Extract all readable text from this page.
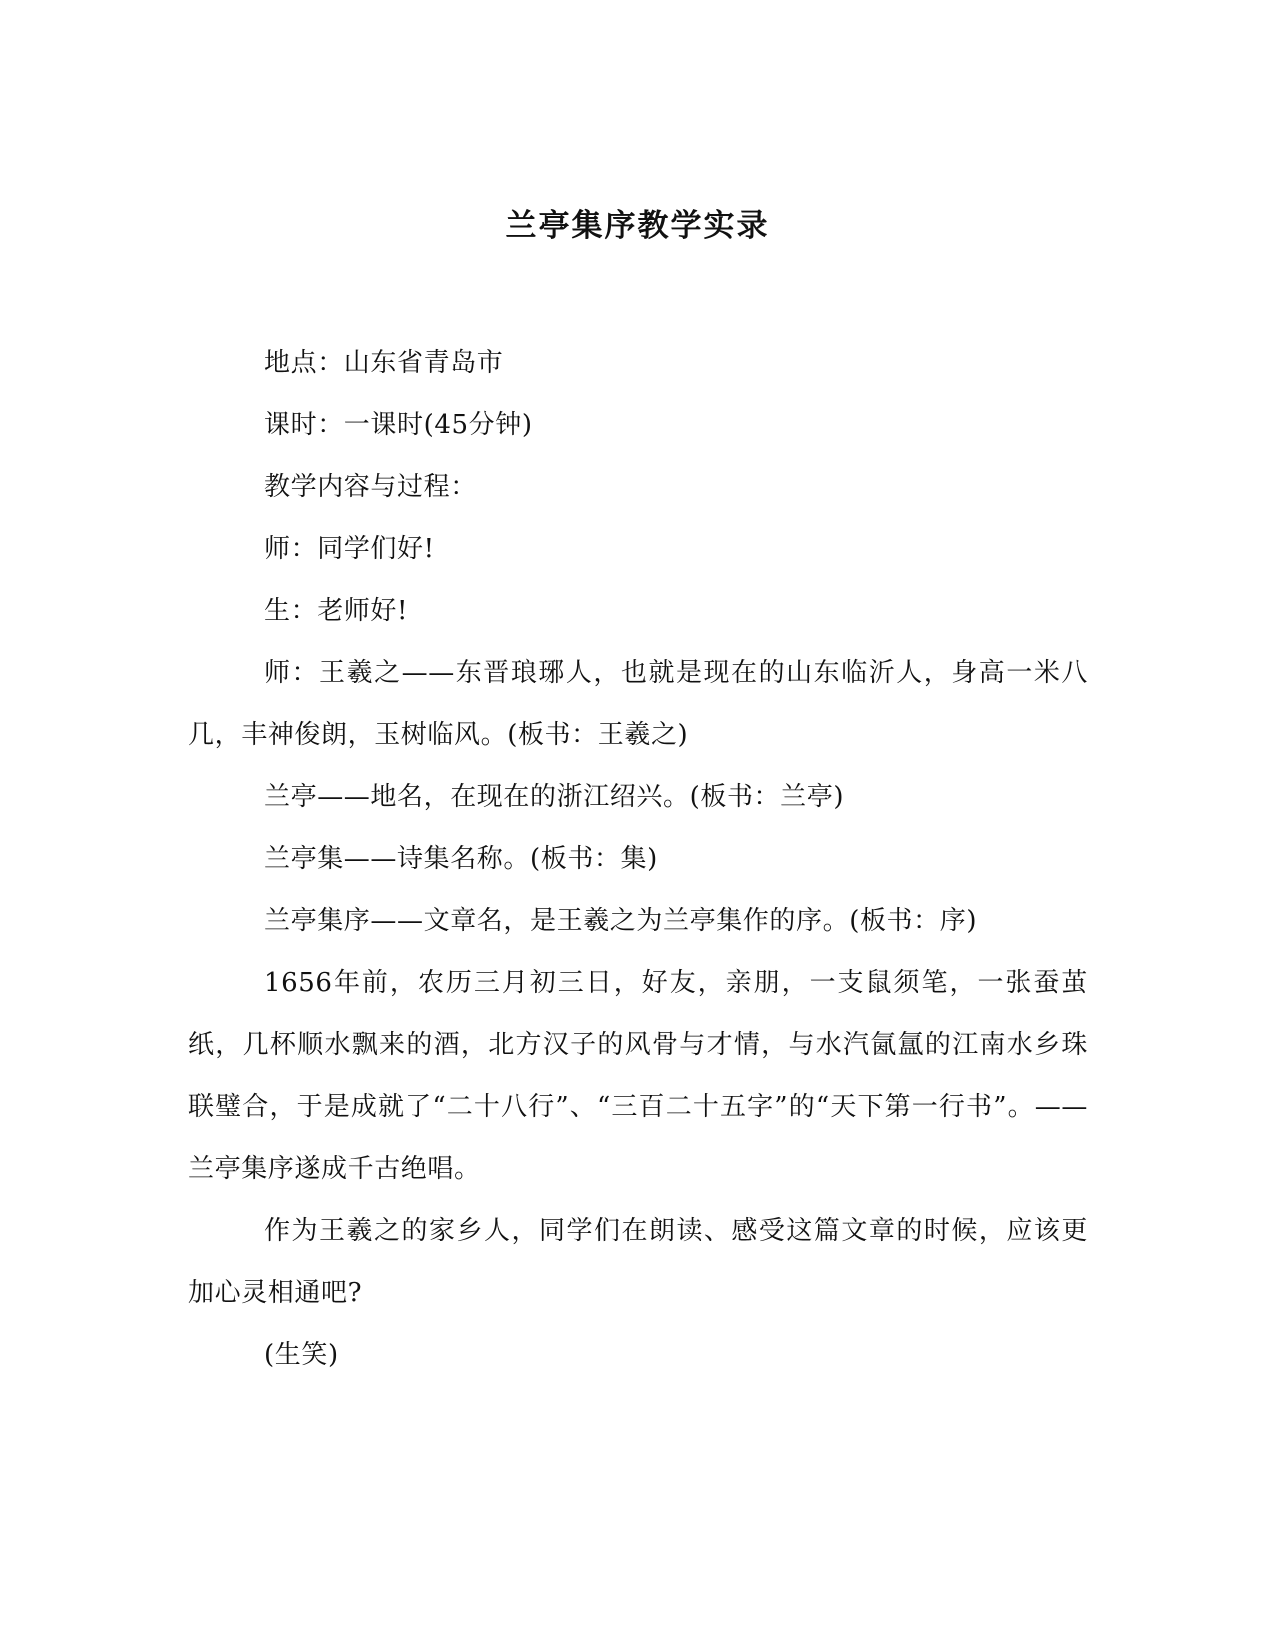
兰亭集序教学实录

地点：山东省青岛市

课时：一课时(45分钟)

教学内容与过程：

师：同学们好!

生：老师好!

师：王羲之——东晋琅琊人，也就是现在的山东临沂人，身高一米八几，丰神俊朗，玉树临风。(板书：王羲之)

兰亭——地名，在现在的浙江绍兴。(板书：兰亭)

兰亭集——诗集名称。(板书：集)

兰亭集序——文章名，是王羲之为兰亭集作的序。(板书：序)

1656年前，农历三月初三日，好友，亲朋，一支鼠须笔，一张蚕茧纸，几杯顺水飘来的酒，北方汉子的风骨与才情，与水汽氤氲的江南水乡珠联璧合，于是成就了“二十八行”、“三百二十五字”的“天下第一行书”。——兰亭集序遂成千古绝唱。

作为王羲之的家乡人，同学们在朗读、感受这篇文章的时候，应该更加心灵相通吧?

(生笑)
